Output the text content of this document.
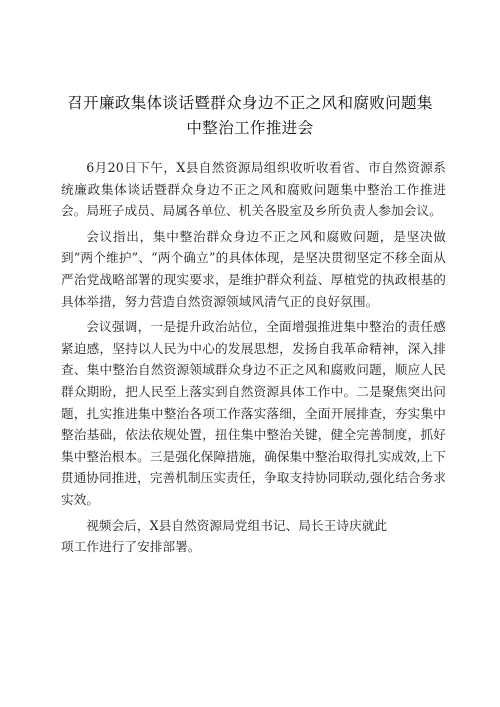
召开廉政集体谈话暨群众身边不正之风和腐败问题集
中整治工作推进会

6月20日下午，X县自然资源局组织收听收看省、市自然资源系统廉政集体谈话暨群众身边不正之风和腐败问题集中整治工作推进会。局班子成员、局属各单位、机关各股室及乡所负责人参加会议。

会议指出，集中整治群众身边不正之风和腐败问题，是坚决做到“两个维护”、“两个确立”的具体体现，是坚决贯彻坚定不移全面从严治党战略部署的现实要求，是维护群众利益、厚植党的执政根基的具体举措，努力营造自然资源领域风清气正的良好氛围。

会议强调，一是提升政治站位，全面增强推进集中整治的责任感紧迫感，坚持以人民为中心的发展思想，发扬自我革命精神，深入排查、集中整治自然资源领域群众身边不正之风和腐败问题，顺应人民群众期盼，把人民至上落实到自然资源具体工作中。二是聚焦突出问题，扎实推进集中整治各项工作落实落细，全面开展排查，夯实集中整治基础，依法依规处置，扭住集中整治关键，健全完善制度，抓好集中整治根本。三是强化保障措施，确保集中整治取得扎实成效,上下贯通协同推进，完善机制压实责任，争取支持协同联动,强化结合务求实效。

视频会后，X县自然资源局党组书记、局长王诗庆就此
项工作进行了安排部署。
